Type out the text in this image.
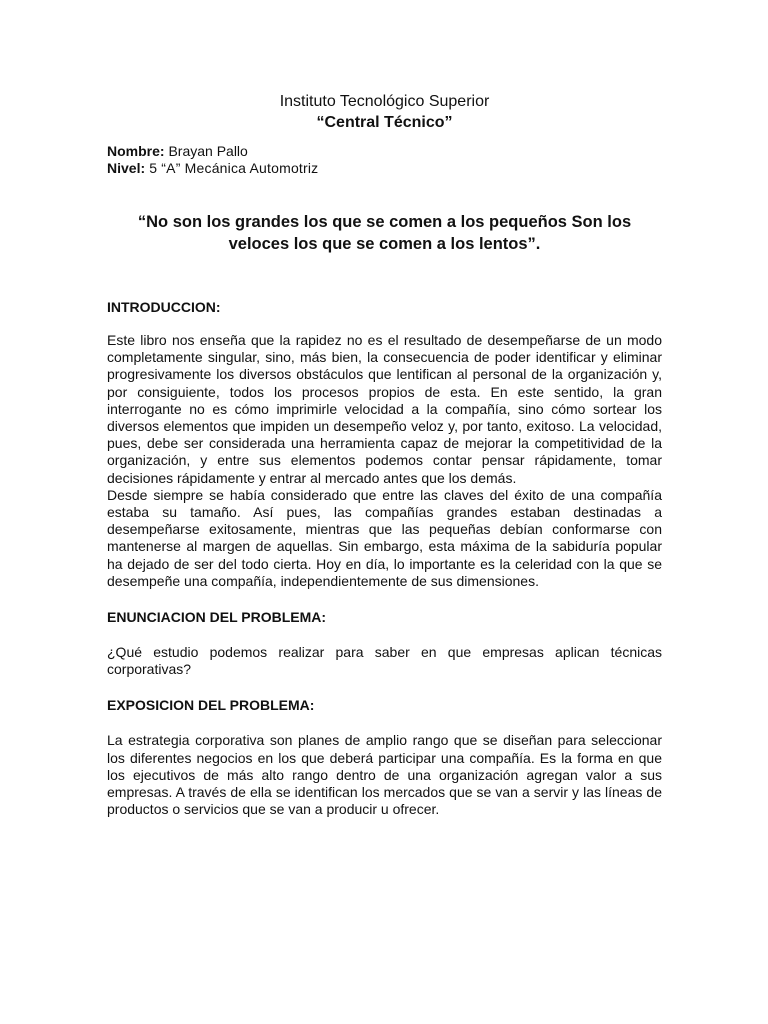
Instituto Tecnológico Superior
“Central Técnico”
Nombre: Brayan Pallo
Nivel: 5 “A” Mecánica Automotriz
“No son los grandes los que se comen a los pequeños Son los veloces los que se comen a los lentos”.
INTRODUCCION:
Este libro nos enseña que la rapidez no es el resultado de desempeñarse de un modo completamente singular, sino, más bien, la consecuencia de poder identificar y eliminar progresivamente los diversos obstáculos que lentifican al personal de la organización y, por consiguiente, todos los procesos propios de esta. En este sentido, la gran interrogante no es cómo imprimirle velocidad a la compañía, sino cómo sortear los diversos elementos que impiden un desempeño veloz y, por tanto, exitoso. La velocidad, pues, debe ser considerada una herramienta capaz de mejorar la competitividad de la organización, y entre sus elementos podemos contar pensar rápidamente, tomar decisiones rápidamente y entrar al mercado antes que los demás.
Desde siempre se había considerado que entre las claves del éxito de una compañía estaba su tamaño. Así pues, las compañías grandes estaban destinadas a desempeñarse exitosamente, mientras que las pequeñas debían conformarse con mantenerse al margen de aquellas. Sin embargo, esta máxima de la sabiduría popular ha dejado de ser del todo cierta. Hoy en día, lo importante es la celeridad con la que se desempeñe una compañía, independientemente de sus dimensiones.
ENUNCIACION DEL PROBLEMA:
¿Qué estudio podemos realizar para saber en que empresas aplican técnicas corporativas?
EXPOSICION DEL PROBLEMA:
La estrategia corporativa son planes de amplio rango que se diseñan para seleccionar los diferentes negocios en los que deberá participar una compañía. Es la forma en que los ejecutivos de más alto rango dentro de una organización agregan valor a sus empresas. A través de ella se identifican los mercados que se van a servir y las líneas de productos o servicios que se van a producir u ofrecer.
